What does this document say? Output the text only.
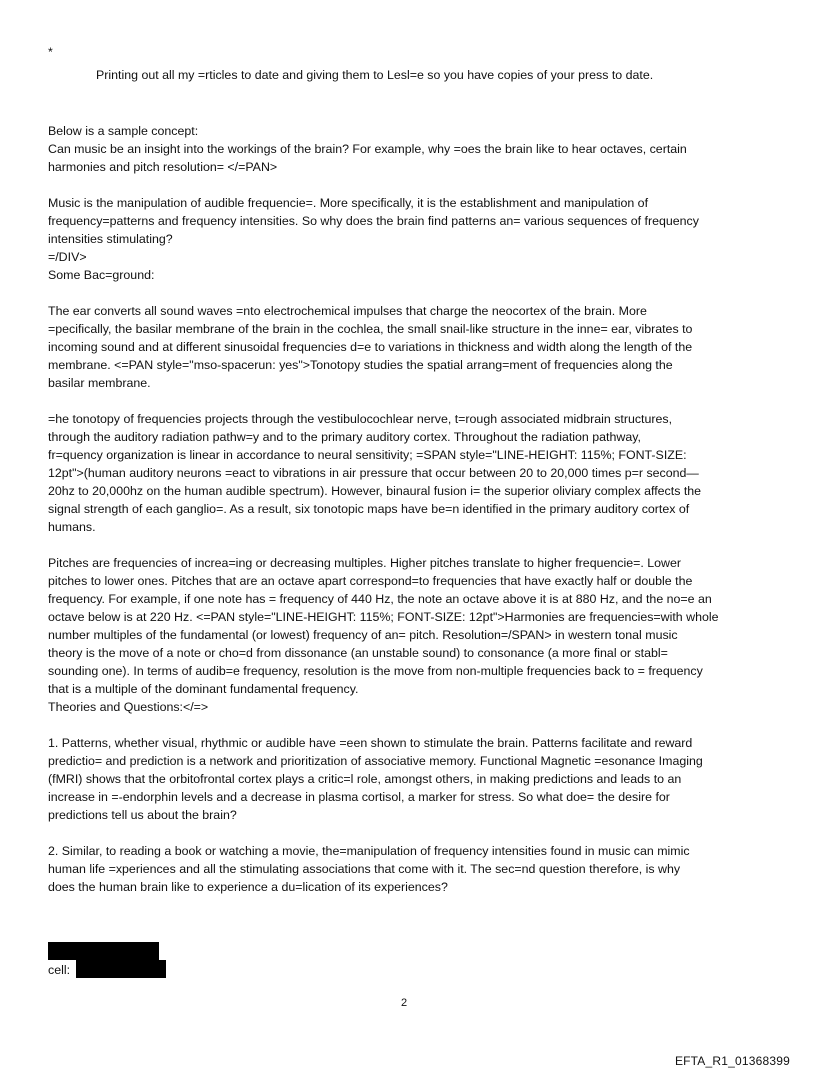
*
Printing out all my =rticles to date and giving them to Lesl=e so you have copies of your press to date.

Below is a sample concept:
Can music be an insight into the workings of the brain? For example, why =oes the brain like to hear octaves, certain
harmonies and pitch resolution= </=PAN>

Music is the manipulation of audible frequencie=. More specifically, it is the establishment and manipulation of
frequency=patterns and frequency intensities. So why does the brain find patterns an= various sequences of frequency
intensities stimulating?
=/DIV>
Some Bac=ground:

The ear converts all sound waves =nto electrochemical impulses that charge the neocortex of the brain. More
=pecifically, the basilar membrane of the brain in the cochlea, the small snail-like structure in the inne= ear, vibrates to
incoming sound and at different sinusoidal frequencies d=e to variations in thickness and width along the length of the
membrane. <=PAN style="mso-spacerun: yes">Tonotopy studies the spatial arrang=ment of frequencies along the
basilar membrane.

=he tonotopy of frequencies projects through the vestibulocochlear nerve, t=rough associated midbrain structures,
through the auditory radiation pathw=y and to the primary auditory cortex. Throughout the radiation pathway,
fr=quency organization is linear in accordance to neural sensitivity; =SPAN style="LINE-HEIGHT: 115%; FONT-SIZE:
12pt">(human auditory neurons =eact to vibrations in air pressure that occur between 20 to 20,000 times p=r second—
20hz to 20,000hz on the human audible spectrum). However, binaural fusion i= the superior oliviary complex affects the
signal strength of each ganglio=. As a result, six tonotopic maps have be=n identified in the primary auditory cortex of
humans.

Pitches are frequencies of increa=ing or decreasing multiples. Higher pitches translate to higher frequencie=. Lower
pitches to lower ones. Pitches that are an octave apart correspond=to frequencies that have exactly half or double the
frequency. For example, if one note has = frequency of 440 Hz, the note an octave above it is at 880 Hz, and the no=e an
octave below is at 220 Hz. <=PAN style="LINE-HEIGHT: 115%; FONT-SIZE: 12pt">Harmonies are frequencies=with whole
number multiples of the fundamental (or lowest) frequency of an= pitch. Resolution=/SPAN> in western tonal music
theory is the move of a note or cho=d from dissonance (an unstable sound) to consonance (a more final or stabl=
sounding one). In terms of audib=e frequency, resolution is the move from non-multiple frequencies back to = frequency
that is a multiple of the dominant fundamental frequency.
Theories and Questions:</=>

1. Patterns, whether visual, rhythmic or audible have =een shown to stimulate the brain. Patterns facilitate and reward
predictio= and prediction is a network and prioritization of associative memory. Functional Magnetic =esonance Imaging
(fMRI) shows that the orbitofrontal cortex plays a critic=l role, amongst others, in making predictions and leads to an
increase in =-endorphin levels and a decrease in plasma cortisol, a marker for stress. So what doe= the desire for
predictions tell us about the brain?

2. Similar, to reading a book or watching a movie, the=manipulation of frequency intensities found in music can mimic
human life =xperiences and all the stimulating associations that come with it. The sec=nd question therefore, is why
does the human brain like to experience a du=lication of its experiences?

cell:
2
EFTA_R1_01368399
